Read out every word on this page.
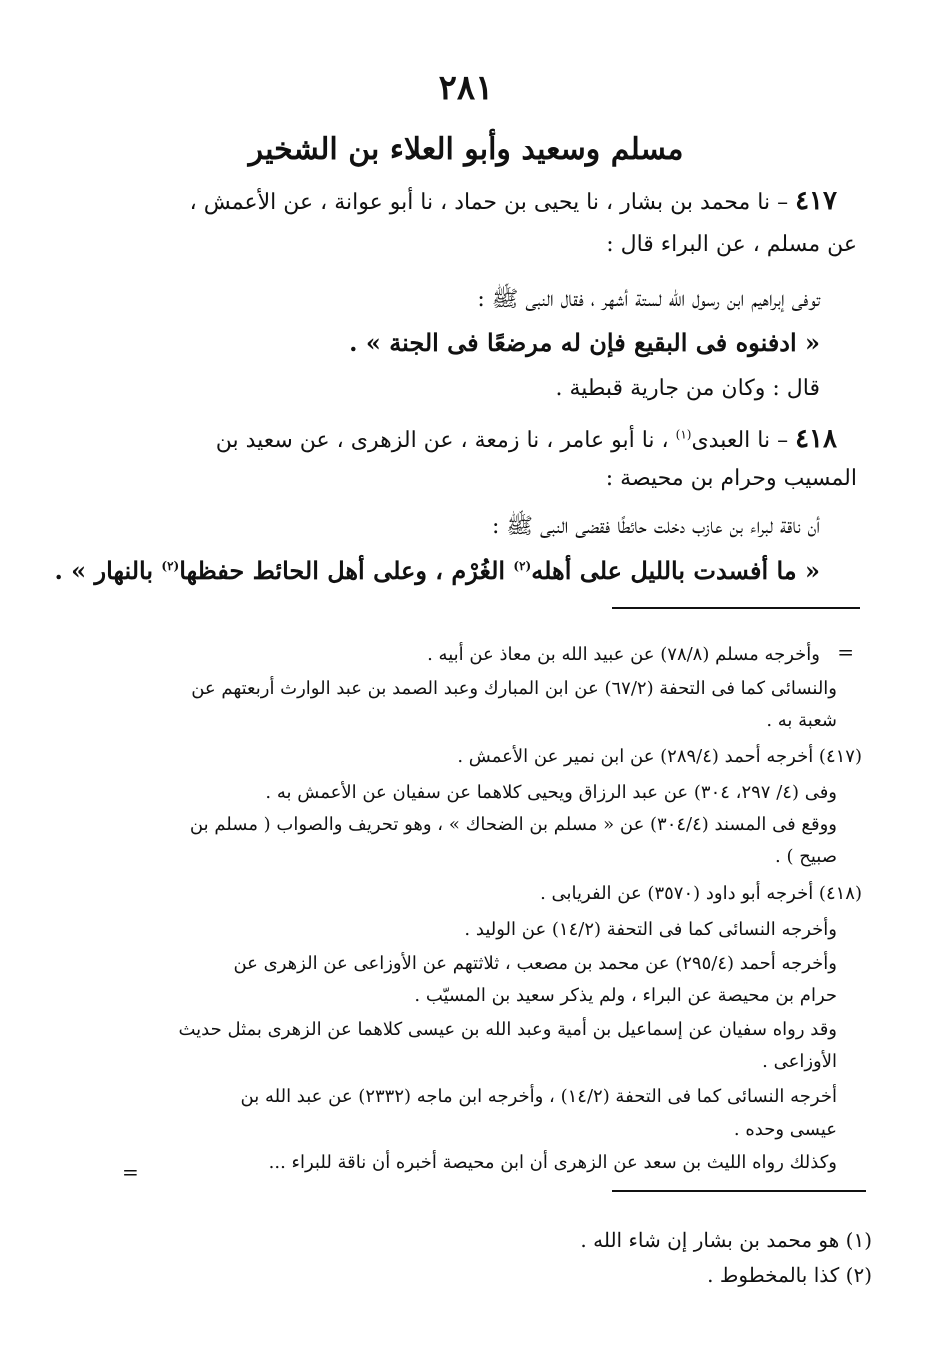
٢٨١
مسلم وسعيد وأبو العلاء بن الشخير
٤١٧ – نا محمد بن بشار ، نا يحيى بن حماد ، نا أبو عوانة ، عن الأعمش ،
عن مسلم ، عن البراء قال :
توفى إبراهيم ابن رسول الله لستة أشهر ، فقال النبى ﷺ :
« ادفنوه فى البقيع فإن له مرضعًا فى الجنة » .
قال : وكان من جارية قبطية .
٤١٨ – نا العبدى$^{(١)}$ ، نا أبو عامر ، نا زمعة ، عن الزهرى ، عن سعيد بن
المسيب وحرام بن محيصة :
أن ناقة لبراء بن عازب دخلت حائطًا فقضى النبى ﷺ :
« ما أفسدت بالليل على أهله$^{(٢)}$ الغُرْم ، وعلى أهل الحائط حفظها$^{(٢)}$ بالنهار » .
=
وأخرجه مسلم (٧٨/٨) عن عبيد الله بن معاذ عن أبيه .
والنسائى كما فى التحفة (٦٧/٢) عن ابن المبارك وعبد الصمد بن عبد الوارث أربعتهم عن
شعبة به .
(٤١٧) أخرجه أحمد (٢٨٩/٤) عن ابن نمير عن الأعمش .
وفى (٤/ ٢٩٧، ٣٠٤) عن عبد الرزاق ويحيى كلاهما عن سفيان عن الأعمش به .
ووقع فى المسند (٣٠٤/٤) عن « مسلم بن الضحاك » ، وهو تحريف والصواب ( مسلم بن
صبيح ) .
(٤١٨) أخرجه أبو داود (٣٥٧٠) عن الفريابى .
وأخرجه النسائى كما فى التحفة (١٤/٢) عن الوليد .
وأخرجه أحمد (٢٩٥/٤) عن محمد بن مصعب ، ثلاثتهم عن الأوزاعى عن الزهرى عن
حرام بن محيصة عن البراء ، ولم يذكر سعيد بن المسيّب .
وقد رواه سفيان عن إسماعيل بن أمية وعبد الله بن عيسى كلاهما عن الزهرى بمثل حديث
الأوزاعى .
أخرجه النسائى كما فى التحفة (١٤/٢) ، وأخرجه ابن ماجه (٢٣٣٢) عن عبد الله بن
عيسى وحده .
وكذلك رواه الليث بن سعد عن الزهرى أن ابن محيصة أخبره أن ناقة للبراء ...
=
(١) هو محمد بن بشار إن شاء الله .
(٢) كذا بالمخطوط .
